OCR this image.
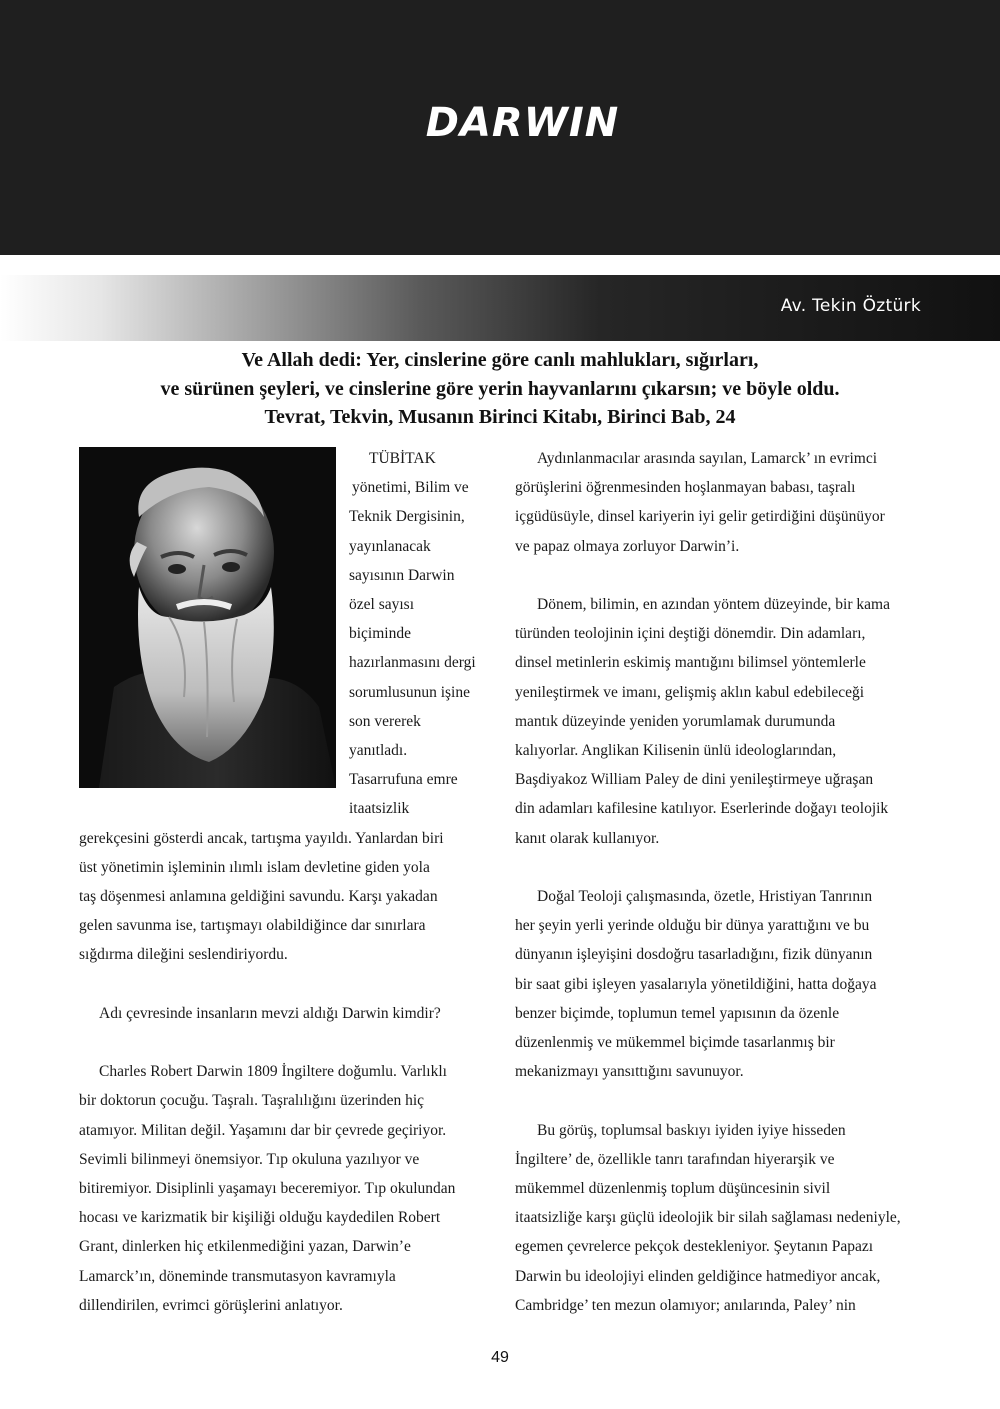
DARWIN
Av. Tekin Öztürk
Ve Allah dedi: Yer, cinslerine göre canlı mahlukları, sığırları,
ve sürünen şeyleri, ve cinslerine göre yerin hayvanlarını çıkarsın; ve böyle oldu.
Tevrat, Tekvin, Musanın Birinci Kitabı, Birinci Bab, 24
TÜBİTAK
yönetimi, Bilim ve
Teknik Dergisinin,
yayınlanacak
sayısının Darwin
özel sayısı
biçiminde
hazırlanmasını dergi
sorumlusunun işine
son vererek
yanıtladı.
Tasarrufuna emre
itaatsizlik
gerekçesini gösterdi ancak, tartışma yayıldı. Yanlardan biri
üst yönetimin işleminin ılımlı islam devletine giden yola
taş döşenmesi anlamına geldiğini savundu. Karşı yakadan
gelen savunma ise, tartışmayı olabildiğince dar sınırlara
sığdırma dileğini seslendiriyordu.
Adı çevresinde insanların mevzi aldığı Darwin kimdir?
Charles Robert Darwin 1809 İngiltere doğumlu. Varlıklı
bir doktorun çocuğu. Taşralı. Taşralılığını üzerinden hiç
atamıyor. Militan değil. Yaşamını dar bir çevrede geçiriyor.
Sevimli bilinmeyi önemsiyor. Tıp okuluna yazılıyor ve
bitiremiyor. Disiplinli yaşamayı beceremiyor. Tıp okulundan
hocası ve karizmatik bir kişiliği olduğu kaydedilen Robert
Grant, dinlerken hiç etkilenmediğini yazan, Darwin’e
Lamarck’ın, döneminde transmutasyon kavramıyla
dillendirilen, evrimci görüşlerini anlatıyor.
Aydınlanmacılar arasında sayılan, Lamarck’ ın evrimci
görüşlerini öğrenmesinden hoşlanmayan babası, taşralı
içgüdüsüyle, dinsel kariyerin iyi gelir getirdiğini düşünüyor
ve papaz olmaya zorluyor Darwin’i.
Dönem, bilimin, en azından yöntem düzeyinde, bir kama
türünden teolojinin içini deştiği dönemdir. Din adamları,
dinsel metinlerin eskimiş mantığını bilimsel yöntemlerle
yenileştirmek ve imanı, gelişmiş aklın kabul edebileceği
mantık düzeyinde yeniden yorumlamak durumunda
kalıyorlar. Anglikan Kilisenin ünlü ideologlarından,
Başdiyakoz William Paley de dini yenileştirmeye uğraşan
din adamları kafilesine katılıyor. Eserlerinde doğayı teolojik
kanıt olarak kullanıyor.
Doğal Teoloji çalışmasında, özetle, Hristiyan Tanrının
her şeyin yerli yerinde olduğu bir dünya yarattığını ve bu
dünyanın işleyişini dosdoğru tasarladığını, fizik dünyanın
bir saat gibi işleyen yasalarıyla yönetildiğini, hatta doğaya
benzer biçimde, toplumun temel yapısının da özenle
düzenlenmiş ve mükemmel biçimde tasarlanmış bir
mekanizmayı yansıttığını savunuyor.
Bu görüş, toplumsal baskıyı iyiden iyiye hisseden
İngiltere’ de, özellikle tanrı tarafından hiyerarşik ve
mükemmel düzenlenmiş toplum düşüncesinin sivil
itaatsizliğe karşı güçlü ideolojik bir silah sağlaması nedeniyle,
egemen çevrelerce pekçok destekleniyor. Şeytanın Papazı
Darwin bu ideolojiyi elinden geldiğince hatmediyor ancak,
Cambridge’ ten mezun olamıyor; anılarında, Paley’ nin
49
